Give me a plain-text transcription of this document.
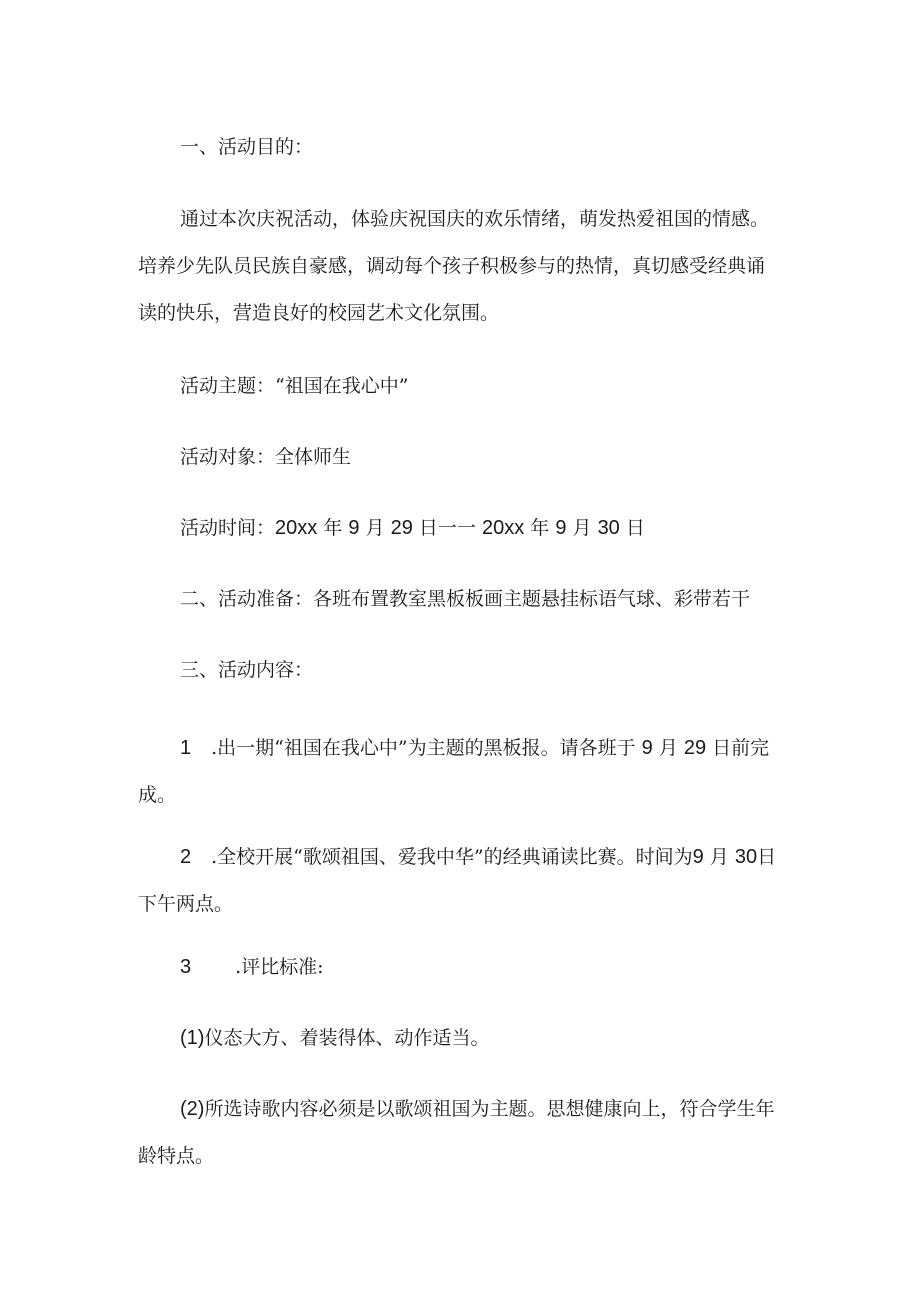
一、活动目的：

通过本次庆祝活动，体验庆祝国庆的欢乐情绪，萌发热爱祖国的情感。培养少先队员民族自豪感，调动每个孩子积极参与的热情，真切感受经典诵读的快乐，营造良好的校园艺术文化氛围。

活动主题：“祖国在我心中”

活动对象：全体师生

活动时间：20xx 年 9 月 29 日一一 20xx 年 9 月 30 日

二、活动准备：各班布置教室黑板板画主题悬挂标语气球、彩带若干

三、活动内容：

1 .出一期“祖国在我心中”为主题的黑板报。请各班于 9 月 29 日前完成。

2 .全校开展“歌颂祖国、爱我中华”的经典诵读比赛。时间为9 月 30日下午两点。

3 .评比标准:

(1)仪态大方、着装得体、动作适当。

(2)所选诗歌内容必须是以歌颂祖国为主题。思想健康向上，符合学生年龄特点。
